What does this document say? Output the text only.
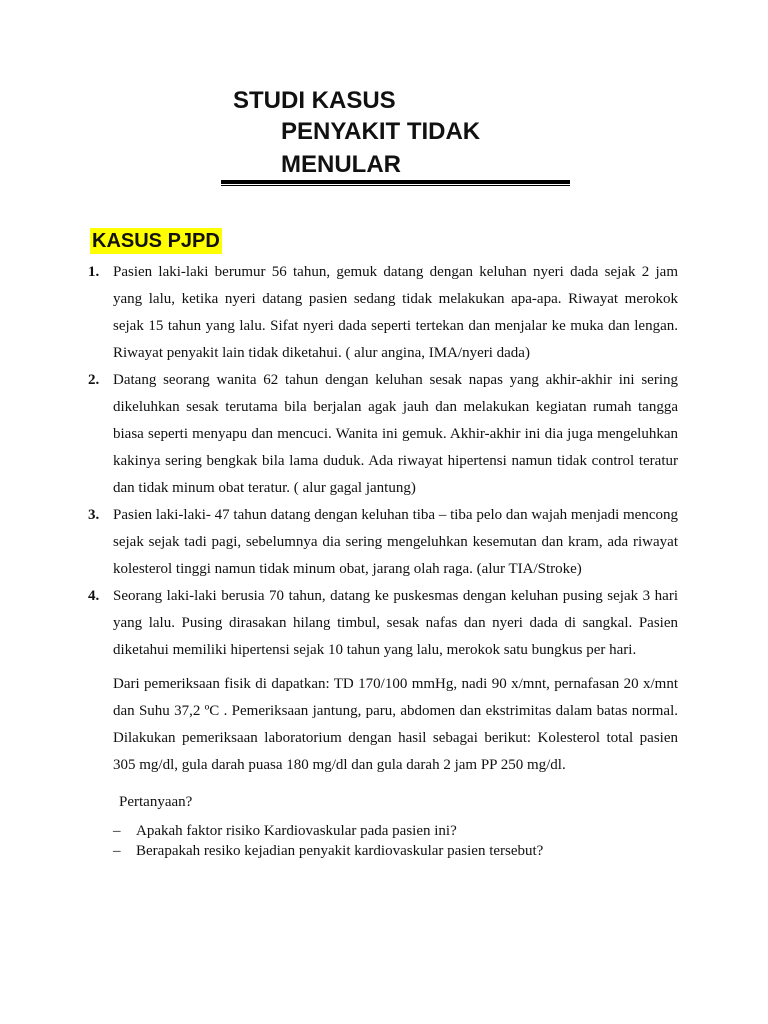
STUDI KASUS
PENYAKIT TIDAK
MENULAR
KASUS PJPD
1. Pasien laki-laki berumur 56 tahun, gemuk datang dengan keluhan nyeri dada sejak 2 jam yang lalu, ketika nyeri datang pasien sedang tidak melakukan apa-apa. Riwayat merokok sejak 15 tahun yang lalu. Sifat nyeri dada seperti tertekan dan menjalar ke muka dan lengan. Riwayat penyakit lain tidak diketahui. ( alur angina, IMA/nyeri dada)
2. Datang seorang wanita 62 tahun dengan keluhan sesak napas yang akhir-akhir ini sering dikeluhkan sesak terutama bila berjalan agak jauh dan melakukan kegiatan rumah tangga biasa seperti menyapu dan mencuci. Wanita ini gemuk. Akhir-akhir ini dia juga mengeluhkan kakinya sering bengkak bila lama duduk. Ada riwayat hipertensi namun tidak control teratur dan tidak minum obat teratur. ( alur gagal jantung)
3. Pasien laki-laki- 47 tahun datang dengan keluhan tiba – tiba pelo dan wajah menjadi mencong sejak sejak tadi pagi, sebelumnya dia sering mengeluhkan kesemutan dan kram, ada riwayat kolesterol tinggi namun tidak minum obat, jarang olah raga. (alur TIA/Stroke)
4. Seorang laki-laki berusia 70 tahun, datang ke puskesmas dengan keluhan pusing sejak 3 hari yang lalu. Pusing dirasakan hilang timbul, sesak nafas dan nyeri dada di sangkal. Pasien diketahui memiliki hipertensi sejak 10 tahun yang lalu, merokok satu bungkus per hari.

Dari pemeriksaan fisik di dapatkan: TD 170/100 mmHg, nadi 90 x/mnt, pernafasan 20 x/mnt dan Suhu 37,2 ºC . Pemeriksaan jantung, paru, abdomen dan ekstrimitas dalam batas normal. Dilakukan pemeriksaan laboratorium dengan hasil sebagai berikut: Kolesterol total pasien 305 mg/dl, gula darah puasa 180 mg/dl dan gula darah 2 jam PP 250 mg/dl.

Pertanyaan?

– Apakah faktor risiko Kardiovaskular pada pasien ini?
– Berapakah resiko kejadian penyakit kardiovaskular pasien tersebut?
